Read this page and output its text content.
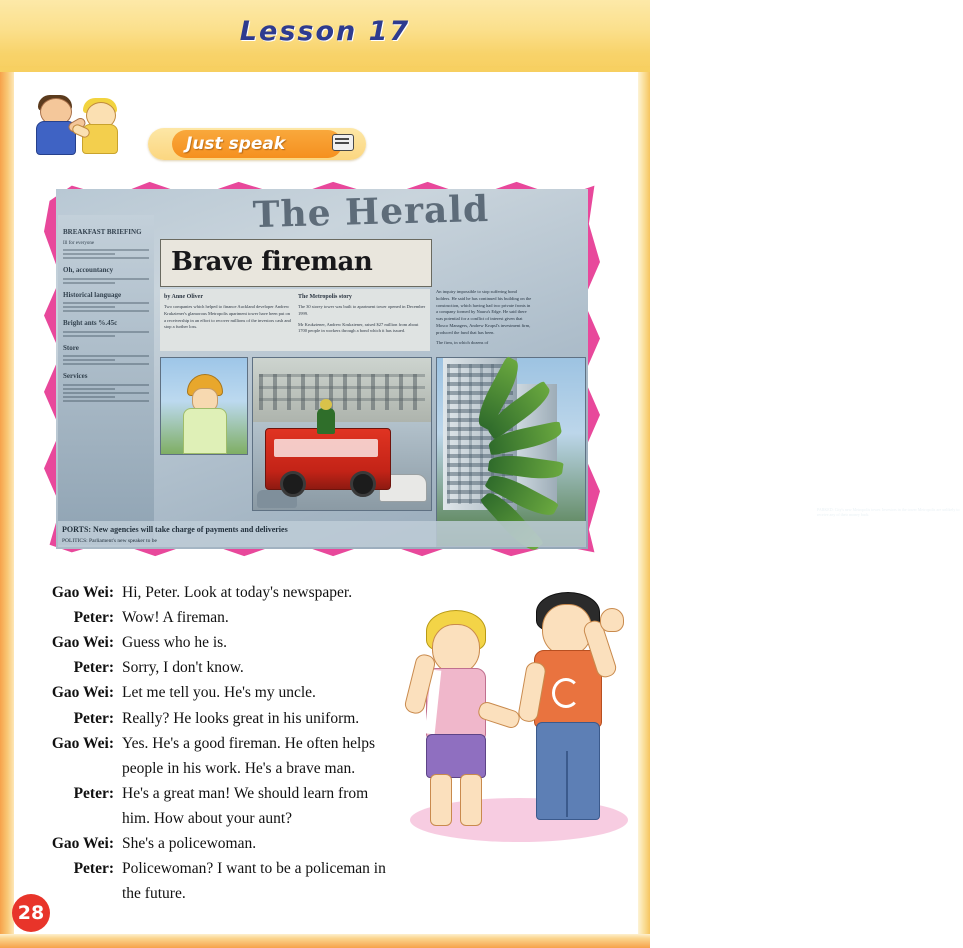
Lesson 17
Just speak
The Herald
BREAKFAST BRIEFING
Ill for everyone
Oh, accountancy
Historical language
Bright ants %.45c
Store
Services
Brave fireman
by Anne Oliver
Two companies which helped to finance Auckland developer Andrew Krukziener's glamorous Metropolis apartment tower have been put on a receivership in an effort to recover millions of the investors cash and stop a further loss.
The Metropolis story
The 30 storey tower was built to apartment tower opened in December 1999.
Mr Krukziener, Andrew Krukziener, raised $27 million from about 1700 people in workers through a bond which it has issued.
An inquiry impossible to stop suffering bond holders. He said he has continued his building on the construction, which having had two private fronts in a company formed by Nauru's Edge. He said there was potential for a conflict of interest given that Mosco Managers, Andrew Krupsl's investment firm, produced the fund that has been.
The firm, in which dozens of
PARKED: City's new Metropolis tower. Investors in the tower Metropolis are unlikely to receive any of their money back.
PORTS: New agencies will take charge of payments and deliveries
POLITICS: Parliament's new speaker to be
Gao Wei: Hi, Peter. Look at today's newspaper.
Peter: Wow! A fireman.
Gao Wei: Guess who he is.
Peter: Sorry, I don't know.
Gao Wei: Let me tell you. He's my uncle.
Peter: Really? He looks great in his uniform.
Gao Wei: Yes. He's a good fireman. He often helps
people in his work. He's a brave man.
Peter: He's a great man! We should learn from
him. How about your aunt?
Gao Wei: She's a policewoman.
Peter: Policewoman? I want to be a policeman in
the future.
28
